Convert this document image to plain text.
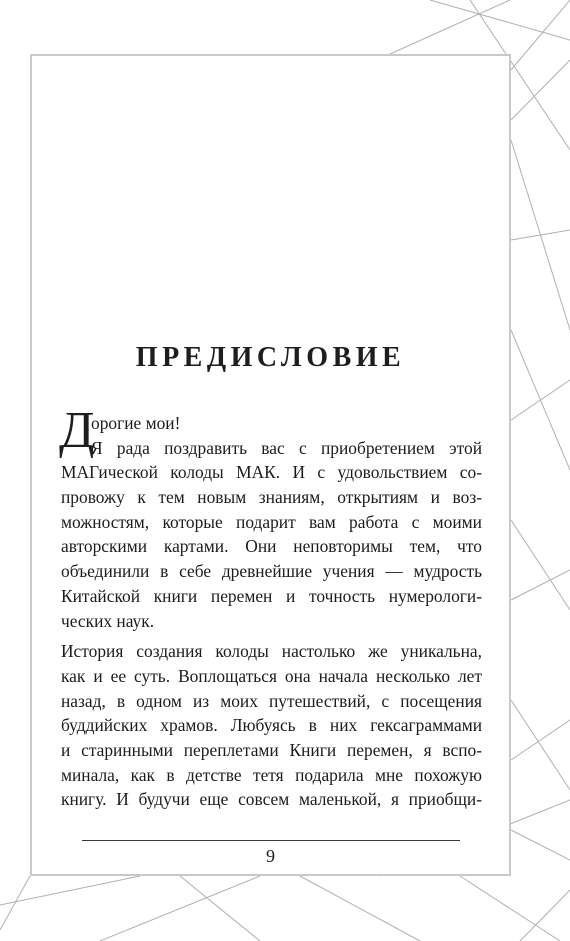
ПРЕДИСЛОВИЕ
Д
орогие мои!
Я рада поздравить вас с приобретением этой
МАГической колоды МАК. И с удовольствием со-
провожу к тем новым знаниям, открытиям и воз-
можностям, которые подарит вам работа с моими
авторскими картами. Они неповторимы тем, что
объединили в себе древнейшие учения — мудрость
Китайской книги перемен и точность нумерологи-
ческих наук.
История создания колоды настолько же уникальна,
как и ее суть. Воплощаться она начала несколько лет
назад, в одном из моих путешествий, с посещения
буддийских храмов. Любуясь в них гексаграммами
и старинными переплетами Книги перемен, я вспо-
минала, как в детстве тетя подарила мне похожую
книгу. И будучи еще совсем маленькой, я приобщи-
9
